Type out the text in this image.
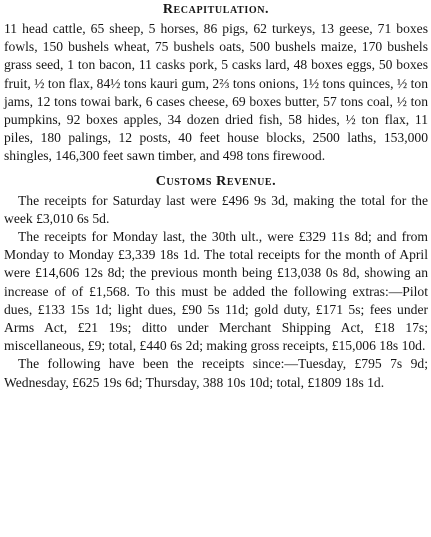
Recapitulation.

11 head cattle, 65 sheep, 5 horses, 86 pigs, 62 turkeys, 13 geese, 71 boxes fowls, 150 bushels wheat, 75 bushels oats, 500 bushels maize, 170 bushels grass seed, 1 ton bacon, 11 casks pork, 5 casks lard, 48 boxes eggs, 50 boxes fruit, ½ ton flax, 84½ tons kauri gum, 2⅔ tons onions, 1½ tons quinces, ½ ton jams, 12 tons towai bark, 6 cases cheese, 69 boxes butter, 57 tons coal, ½ ton pumpkins, 92 boxes apples, 34 dozen dried fish, 58 hides, ½ ton flax, 11 piles, 180 palings, 12 posts, 40 feet house blocks, 2500 laths, 153,000 shingles, 146,300 feet sawn timber, and 498 tons firewood.

Customs Revenue.

The receipts for Saturday last were £496 9s 3d, making the total for the week £3,010 6s 5d.

The receipts for Monday last, the 30th ult., were £329 11s 8d; and from Monday to Monday £3,339 18s 1d. The total receipts for the month of April were £14,606 12s 8d; the previous month being £13,038 0s 8d, showing an increase of of £1,568. To this must be added the following extras:—Pilot dues, £133 15s 1d; light dues, £90 5s 11d; gold duty, £171 5s; fees under Arms Act, £21 19s; ditto under Merchant Shipping Act, £18 17s; miscellaneous, £9; total, £440 6s 2d; making gross receipts, £15,006 18s 10d.

The following have been the receipts since:—Tuesday, £795 7s 9d; Wednesday, £625 19s 6d; Thursday, 388 10s 10d; total, £1809 18s 1d.
